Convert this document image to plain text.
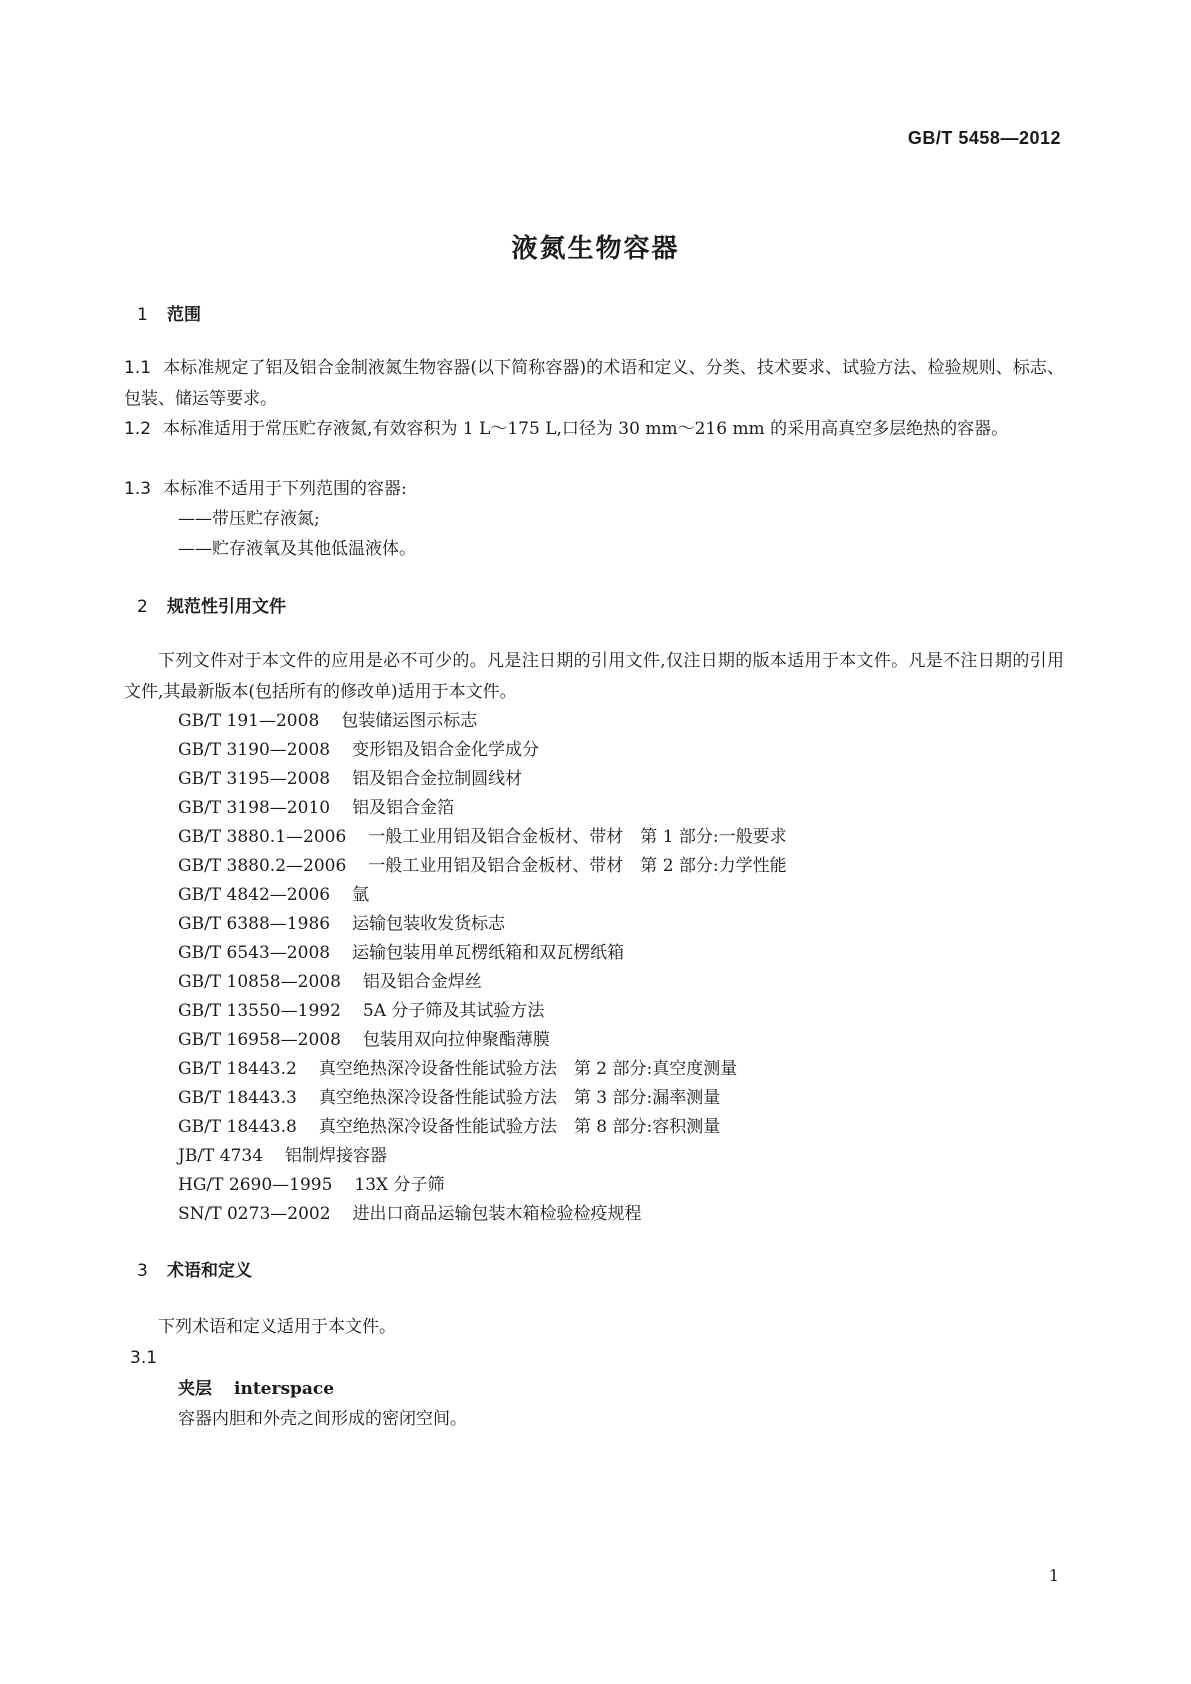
GB/T 5458—2012
液氮生物容器
1 范围
1.1 本标准规定了铝及铝合金制液氮生物容器(以下简称容器)的术语和定义、分类、技术要求、试验方法、检验规则、标志、包装、储运等要求。
1.2 本标准适用于常压贮存液氮,有效容积为 1 L～175 L,口径为 30 mm～216 mm 的采用高真空多层绝热的容器。
1.3 本标准不适用于下列范围的容器:
——带压贮存液氮;
——贮存液氧及其他低温液体。
2 规范性引用文件
下列文件对于本文件的应用是必不可少的。凡是注日期的引用文件,仅注日期的版本适用于本文件。凡是不注日期的引用文件,其最新版本(包括所有的修改单)适用于本文件。
GB/T 191—2008 包装储运图示标志
GB/T 3190—2008 变形铝及铝合金化学成分
GB/T 3195—2008 铝及铝合金拉制圆线材
GB/T 3198—2010 铝及铝合金箔
GB/T 3880.1—2006 一般工业用铝及铝合金板材、带材　第 1 部分:一般要求
GB/T 3880.2—2006 一般工业用铝及铝合金板材、带材　第 2 部分:力学性能
GB/T 4842—2006 氩
GB/T 6388—1986 运输包装收发货标志
GB/T 6543—2008 运输包装用单瓦楞纸箱和双瓦楞纸箱
GB/T 10858—2008 铝及铝合金焊丝
GB/T 13550—1992 5A 分子筛及其试验方法
GB/T 16958—2008 包装用双向拉伸聚酯薄膜
GB/T 18443.2 真空绝热深冷设备性能试验方法　第 2 部分:真空度测量
GB/T 18443.3 真空绝热深冷设备性能试验方法　第 3 部分:漏率测量
GB/T 18443.8 真空绝热深冷设备性能试验方法　第 8 部分:容积测量
JB/T 4734 铝制焊接容器
HG/T 2690—1995 13X 分子筛
SN/T 0273—2002 进出口商品运输包装木箱检验检疫规程
3 术语和定义
下列术语和定义适用于本文件。
3.1
夹层 interspace
容器内胆和外壳之间形成的密闭空间。
1
